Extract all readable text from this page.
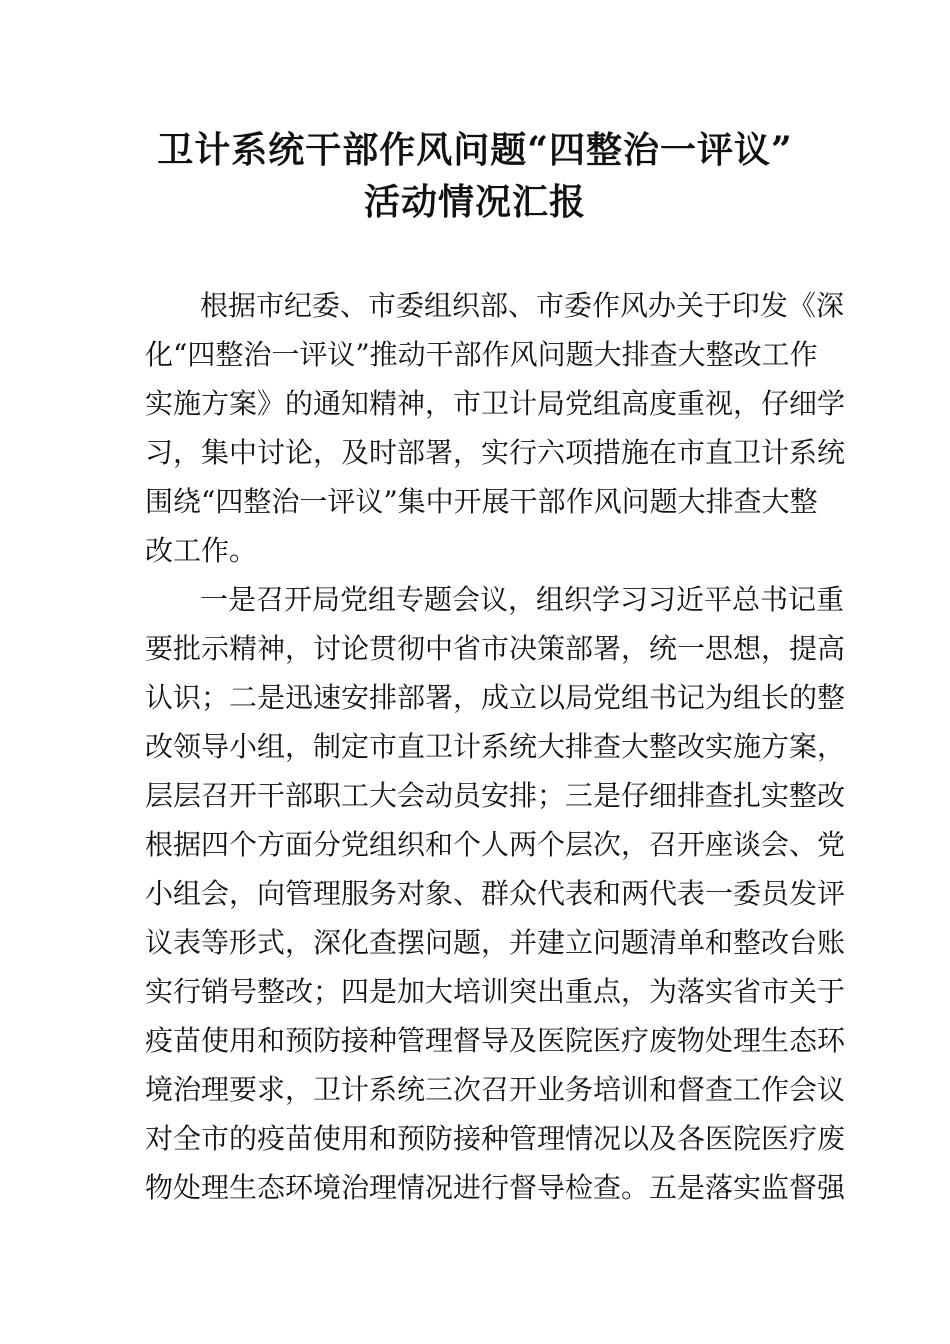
卫计系统干部作风问题“四整治一评议”
活动情况汇报
根据市纪委、市委组织部、市委作风办关于印发《深
化“四整治一评议”推动干部作风问题大排查大整改工作
实施方案》的通知精神，市卫计局党组高度重视，仔细学
习，集中讨论，及时部署，实行六项措施在市直卫计系统
围绕“四整治一评议”集中开展干部作风问题大排查大整
改工作。
一是召开局党组专题会议，组织学习习近平总书记重
要批示精神，讨论贯彻中省市决策部署，统一思想，提高
认识；二是迅速安排部署，成立以局党组书记为组长的整
改领导小组，制定市直卫计系统大排查大整改实施方案，
层层召开干部职工大会动员安排；三是仔细排查扎实整改
根据四个方面分党组织和个人两个层次，召开座谈会、党
小组会，向管理服务对象、群众代表和两代表一委员发评
议表等形式，深化查摆问题，并建立问题清单和整改台账
实行销号整改；四是加大培训突出重点，为落实省市关于
疫苗使用和预防接种管理督导及医院医疗废物处理生态环
境治理要求，卫计系统三次召开业务培训和督查工作会议
对全市的疫苗使用和预防接种管理情况以及各医院医疗废
物处理生态环境治理情况进行督导检查。五是落实监督强
